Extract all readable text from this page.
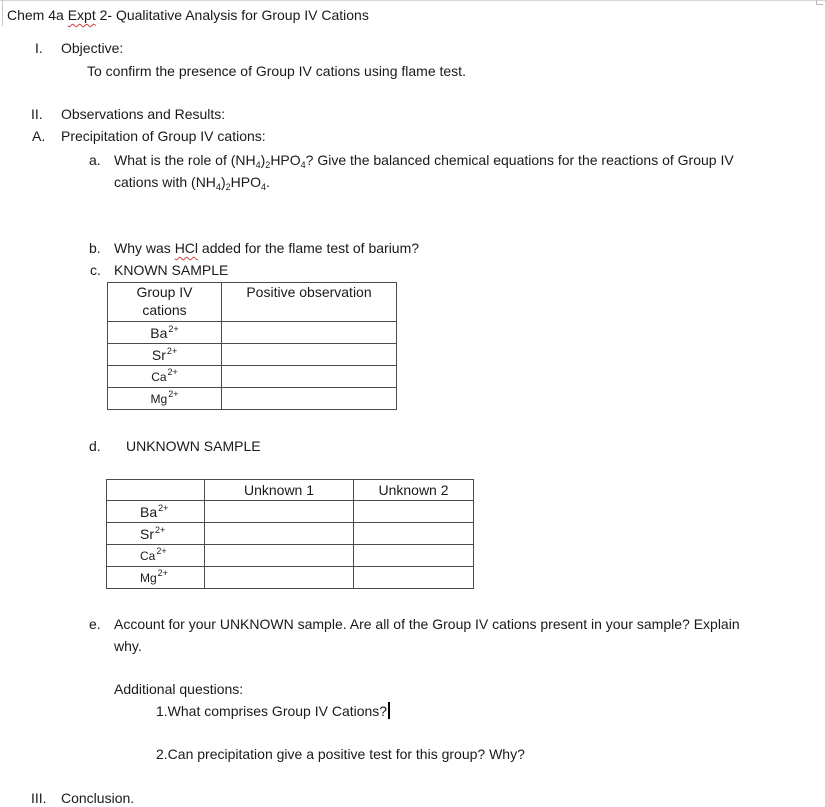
Chem 4a Expt 2- Qualitative Analysis for Group IV Cations
I. Objective:
To confirm the presence of Group IV cations using flame test.
II. Observations and Results:
A. Precipitation of Group IV cations:
a. What is the role of $(NH_4)_2HPO_4$? Give the balanced chemical equations for the reactions of Group IV
cations with $(NH_4)_2HPO_4$.
b. Why was HCl added for the flame test of barium?
c. KNOWN SAMPLE
Group IV
cations	Positive observation
$Ba^{2+}$	
$Sr^{2+}$	
$Ca^{2+}$	
$Mg^{2+}$	
d. UNKNOWN SAMPLE
	Unknown 1	Unknown 2
$Ba^{2+}$		
$Sr^{2+}$		
$Ca^{2+}$		
$Mg^{2+}$		
e. Account for your UNKNOWN sample. Are all of the Group IV cations present in your sample? Explain
why.
Additional questions:
1.What comprises Group IV Cations?
2.Can precipitation give a positive test for this group? Why?
III. Conclusion.
